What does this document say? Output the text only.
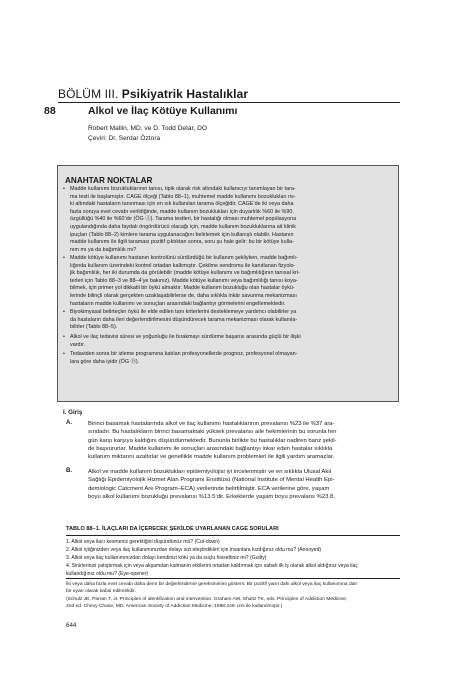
BÖLÜM III. Psikiyatrik Hastalıklar
88	Alkol ve İlaç Kötüye Kullanımı
Robert Mallin, MD. ve D. Todd Detar, DO
Çeviri: Dr. Serdar Öztora
ANAHTAR NOKTALAR
• Madde kullanımı bozukluklarının tanısı, tipik olarak risk altındaki kullanıcıyı tanımlayan bir tara-
ma testi ile başlamıştır. CAGE ölçeği (Tablo 88–1), muhtemel madde kullanımı bozuklukları ris-
ki altındaki hastaların tanınması için en sık kullanılan tarama ölçeğidir. CAGE’de iki veya daha
fazla soruya evet cevabı verildiğinde, madde kullanım bozuklukları için duyarlılık %60 ile %90,
özgüllüğü %40 ile %60’dır (ÖG Ⓐ). Tarama testleri, bir hastalığı olması muhtemel popülasyona
uygulandığında daha faydalı öngördürücü olacağı için, madde kullanım bozukluklarına ait klinik
ipuçları (Tablo 88–2) kimlere tarama uygulanacağını belirlemek için kullanışlı olabilir. Hastanın
madde kullanımı ile ilgili taraması pozitif çıktıktan sonra, soru şu hale gelir: bu bir kötüye kulla-
nım mı ya da bağımlılık mı?
• Madde kötüye kullanımı hastanın kontrolünü sürdürdüğü bir kullanım şekliyken, madde bağımlı-
lığında kullanım üzerindeki kontrol ortadan kalkmıştır. Çekilme sendromu ile kanıtlanan fizyolo-
jik bağımlılık, her iki durumda da görülebilir (madde kötüye kullanımı ve bağımlılığının tanısal kri-
terleri için Tablo 88–3 ve 88–4’ye bakınız). Madde kötüye kullanımı veya bağımlılığı tanısı koya-
bilmek, için primer yol dikkatli bir öykü almaktır. Madde kullanım bozukluğu olan hastalar öykü-
lerinde bilinçli olarak gerçekten uzaklaşabilirlerse de, daha sıklıkla inkâr savunma mekanizması
hastaların madde kullanımı ve sonuçları arasındaki bağlantıyı görmelerini engellemektedir.
• Biyokimyasal belirteçler öykü ile elde edilen tanı kriterlerini desteklemeye yardımcı olabilirler ya
da hastaların daha ileri değerlendirilmesini düşündürecek tarama mekanizması olarak kullanıla-
bilirler (Tablo 88–5).
• Alkol ve ilaç tedavisi süresi ve yoğunluğu ile bırakmayı sürdürme başarısı arasında güçlü bir ilişki
vardır.
• Tedaviden sonra bir izleme programına katılan profesyonellerde prognoz, profesyonel olmayan-
lara göre daha iyidir (ÖG Ⓑ).
I. Giriş
A.	Birinci basamak hastalarında alkol ve ilaç kullanımı hastalıklarının prevalansı %23 ile %37 ara-
sındadır. Bu hastalıkların birinci basamaktaki yüksek prevalansı aile hekimlerinin bu sorunla her
gün karşı karşıya kaldığını düşündürmektedir. Bununla birlikte bu hastalıklar nadiren banz şekil-
de başvururlar. Madde kullanımı ile sonuçları arasındaki bağlantıyı inkar eden hastalar sıklıkla
kullanım miktarını azaltırlar ve genellikle madde kullanım problemleri ile ilgili yardım aramazlar.
B.	Alkol ve madde kullanım bozuklukları epidemiyolojisi iyi incelenmiştir ve en sıklıkla Ulusal Akıl
Sağlığı Epidemiyolojik Hizmet Alan Programı Enstitüsü (National Institute of Mental Health Epi-
demiologic Catcment Are Program–ECA) verilerinde belirtilmiştir. ECA verilerine göre, yaşam
boyu alkol kullanımı bozukluğu prevalansı %13.5’dir. Erkeklerde yaşam boyu prevalans %23.8,
TABLO 88–1. İLAÇLARI DA İÇERECEK ŞEKİLDE UYARLANAN CAGE SORULARI
1. Alkol veya ilacı kesmeniz gerektiğini düşündünüz mü? (Cut-down)
2. Alkol içtiğinizden veya ilaç kullanımınızdan dolayı sizi eleştirdikleri için insanlara kızdığınız oldu mu? (Annoyed)
3. Alkol veya ilaç kullanımınızdan dolayı kendinizi kötü ya da suçlu hissettiniz mi? (Guilty)
4. Sinirlerinizi yatıştırmak için veya akşamdan kalmanın etkilerini ortadan kaldırmak için sabah ilk iş olarak alkol aldığınız veya ilaç
kullandığınız oldu mu? (Eye-opener)
İki veya daha fazla evet cevabı daha derin bir değerlendirme gereksinimini gösterir. Bir pozitif yanıt dahi alkol veya ilaç kullanımına dair
bir uyarı olarak kabul edilmelidir.
(Schulz JE, Parran T, Jr. Principles of identification and intervention. Graham AW, Shultz TK, eds. Principles of Addiction Medicine,
2nd ed. Chevy Chase, MD: American Society of Addiction Medicine, 1998:249. izni ile kullanılmıştır.)
644
